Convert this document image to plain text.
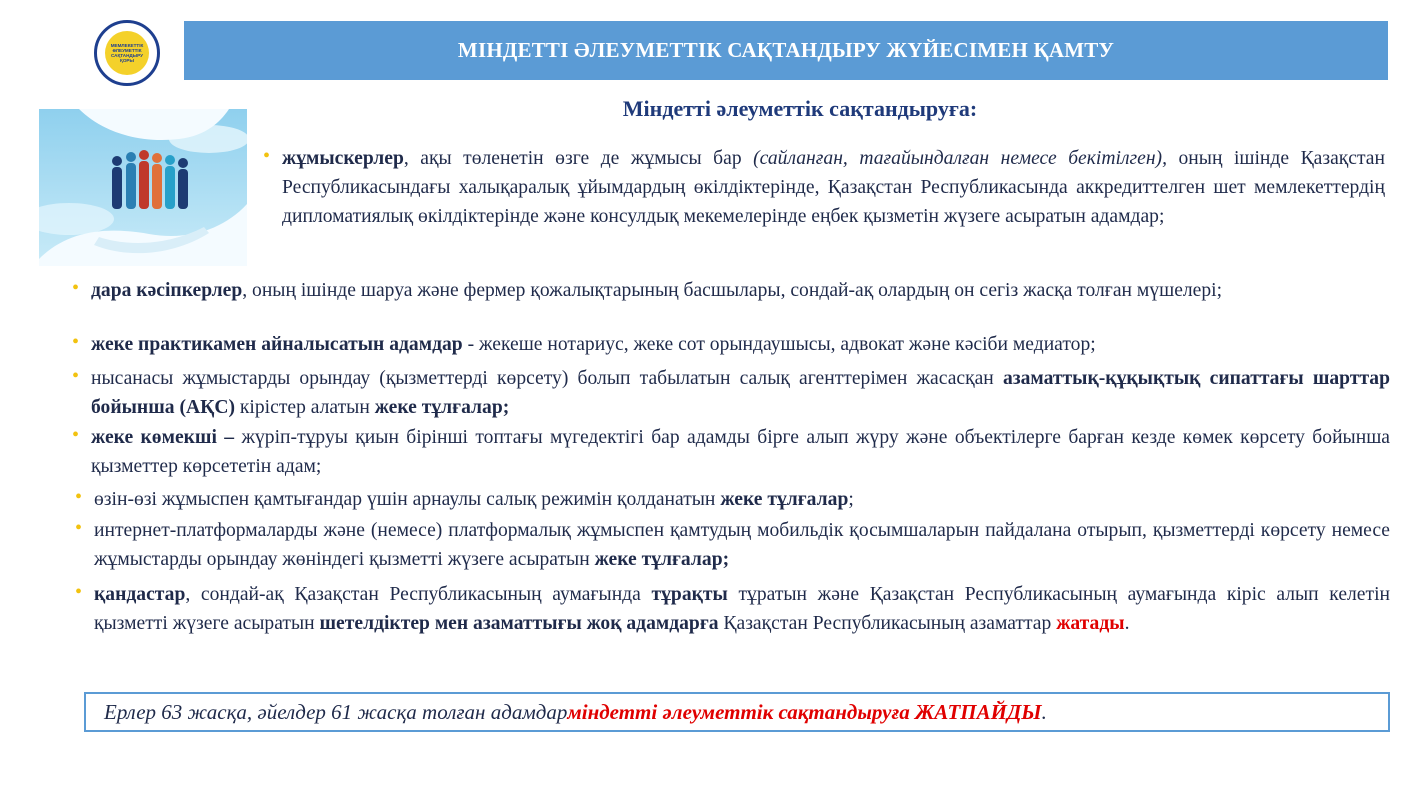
МЕМЛЕКЕТТІК ӘЛЕУМЕТТІК САҚТАНДЫРУ ҚОРЫ	МІНДЕТТІ ӘЛЕУМЕТТІК САҚТАНДЫРУ ЖҮЙЕСІМЕН ҚАМТУ
Міндетті әлеуметтік сақтандыруға:
• жұмыскерлер, ақы төленетін өзге де жұмысы бар (сайланған, тағайындалған немесе бекітілген), оның ішінде Қазақстан Республикасындағы халықаралық ұйымдардың өкілдіктерінде, Қазақстан Республикасында аккредиттелген шет мемлекеттердің дипломатиялық өкілдіктерінде және консулдық мекемелерінде еңбек қызметін жүзеге асыратын адамдар;
• дара кәсіпкерлер, оның ішінде шаруа және фермер қожалықтарының басшылары, сондай-ақ олардың он сегіз жасқа толған мүшелері;
• жеке практикамен айналысатын адамдар - жекеше нотариус, жеке сот орындаушысы, адвокат және кәсіби медиатор;
• нысанасы жұмыстарды орындау (қызметтерді көрсету) болып табылатын салық агенттерімен жасасқан азаматтық-құқықтық сипаттағы шарттар бойынша (АҚС) кірістер алатын жеке тұлғалар;
• жеке көмекші – жүріп-тұруы қиын бірінші топтағы мүгедектігі бар адамды бірге алып жүру және объектілерге барған кезде көмек көрсету бойынша қызметтер көрсететін адам;
• өзін-өзі жұмыспен қамтығандар үшін арнаулы салық режимін қолданатын жеке тұлғалар;
• интернет-платформаларды және (немесе) платформалық жұмыспен қамтудың мобильдік қосымшаларын пайдалана отырып, қызметтерді көрсету немесе жұмыстарды орындау жөніндегі қызметті жүзеге асыратын жеке тұлғалар;
• қандастар, сондай-ақ Қазақстан Республикасының аумағында тұрақты тұратын және Қазақстан Республикасының аумағында кіріс алып келетін қызметті жүзеге асыратын шетелдіктер мен азаматтығы жоқ адамдарға Қазақстан Республикасының азаматтар жатады.
Ерлер 63 жасқа, әйелдер 61 жасқа толған адамдар міндетті әлеуметтік сақтандыруға ЖАТПАЙДЫ .
